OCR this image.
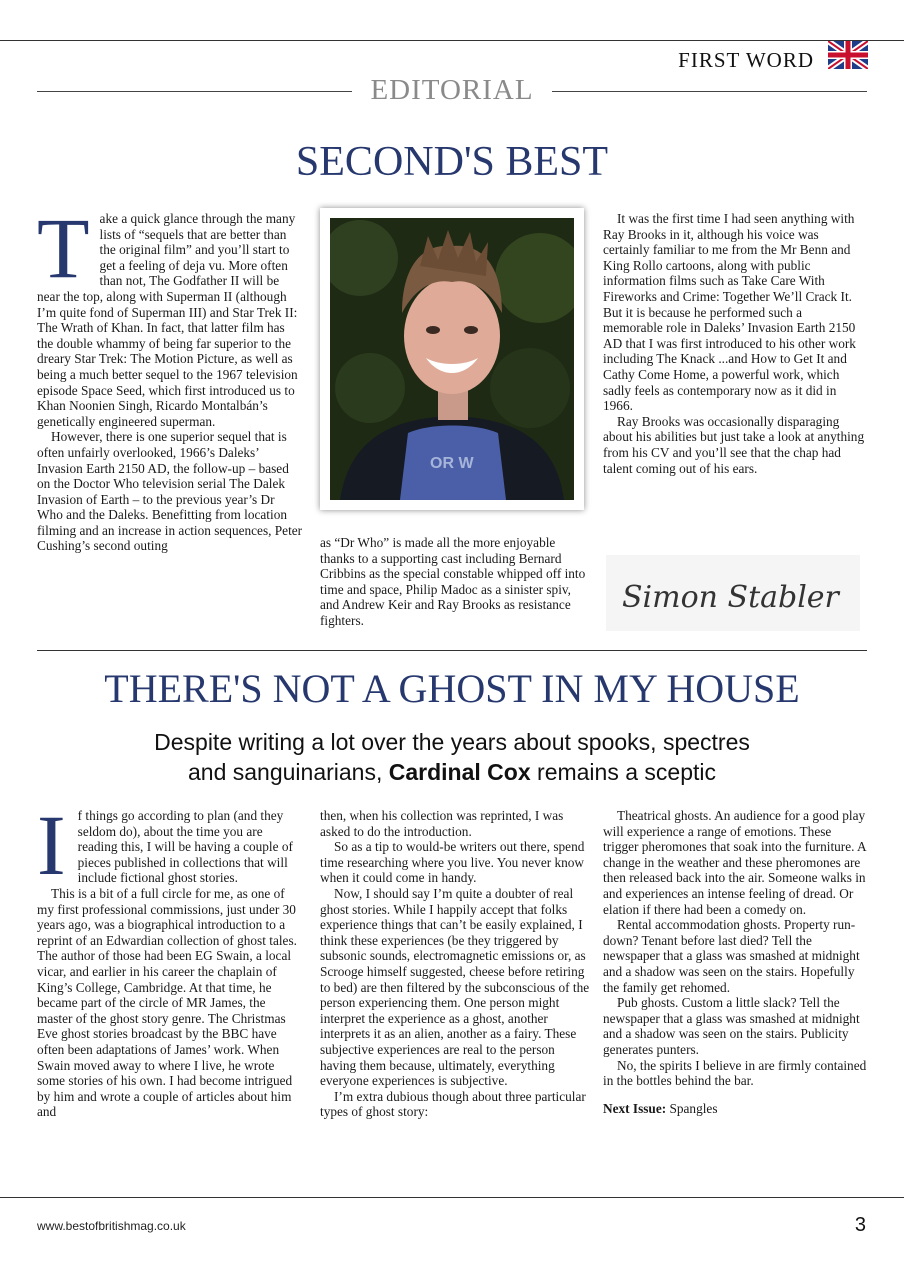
FIRST WORD
EDITORIAL
SECOND'S BEST
T ake a quick glance through the many lists of “sequels that are better than the original film” and you’ll start to get a feeling of deja vu. More often than not, The Godfather II will be near the top, along with Superman II (although I’m quite fond of Superman III) and Star Trek II: The Wrath of Khan. In fact, that latter film has the double whammy of being far superior to the dreary Star Trek: The Motion Picture, as well as being a much better sequel to the 1967 television episode Space Seed, which first introduced us to Khan Noonien Singh, Ricardo Montalbán’s genetically engineered superman.

However, there is one superior sequel that is often unfairly overlooked, 1966’s Daleks’ Invasion Earth 2150 AD, the follow-up – based on the Doctor Who television serial The Dalek Invasion of Earth – to the previous year’s Dr Who and the Daleks. Benefitting from location filming and an increase in action sequences, Peter Cushing’s second outing

OR W

as “Dr Who” is made all the more enjoyable thanks to a supporting cast including Bernard Cribbins as the special constable whipped off into time and space, Philip Madoc as a sinister spiv, and Andrew Keir and Ray Brooks as resistance fighters.

It was the first time I had seen anything with Ray Brooks in it, although his voice was certainly familiar to me from the Mr Benn and King Rollo cartoons, along with public information films such as Take Care With Fireworks and Crime: Together We’ll Crack It. But it is because he performed such a memorable role in Daleks’ Invasion Earth 2150 AD that I was first introduced to his other work including The Knack ...and How to Get It and Cathy Come Home, a powerful work, which sadly feels as contemporary now as it did in 1966.

Ray Brooks was occasionally disparaging about his abilities but just take a look at anything from his CV and you’ll see that the chap had talent coming out of his ears.

Simon Stabler
THERE'S NOT A GHOST IN MY HOUSE
Despite writing a lot over the years about spooks, spectres
and sanguinarians, Cardinal Cox remains a sceptic
I f things go according to plan (and they seldom do), about the time you are reading this, I will be having a couple of pieces published in collections that will include fictional ghost stories.

This is a bit of a full circle for me, as one of my first professional commissions, just under 30 years ago, was a biographical introduction to a reprint of an Edwardian collection of ghost tales. The author of those had been EG Swain, a local vicar, and earlier in his career the chaplain of King’s College, Cambridge. At that time, he became part of the circle of MR James, the master of the ghost story genre. The Christmas Eve ghost stories broadcast by the BBC have often been adaptations of James’ work. When Swain moved away to where I live, he wrote some stories of his own. I had become intrigued by him and wrote a couple of articles about him and

then, when his collection was reprinted, I was asked to do the introduction.

So as a tip to would-be writers out there, spend time researching where you live. You never know when it could come in handy.

Now, I should say I’m quite a doubter of real ghost stories. While I happily accept that folks experience things that can’t be easily explained, I think these experiences (be they triggered by subsonic sounds, electromagnetic emissions or, as Scrooge himself suggested, cheese before retiring to bed) are then filtered by the subconscious of the person experiencing them. One person might interpret the experience as a ghost, another interprets it as an alien, another as a fairy. These subjective experiences are real to the person having them because, ultimately, everything everyone experiences is subjective.

I’m extra dubious though about three particular types of ghost story:

Theatrical ghosts. An audience for a good play will experience a range of emotions. These trigger pheromones that soak into the furniture. A change in the weather and these pheromones are then released back into the air. Someone walks in and experiences an intense feeling of dread. Or elation if there had been a comedy on.

Rental accommodation ghosts. Property run-down? Tenant before last died? Tell the newspaper that a glass was smashed at midnight and a shadow was seen on the stairs. Hopefully the family get rehomed.

Pub ghosts. Custom a little slack? Tell the newspaper that a glass was smashed at midnight and a shadow was seen on the stairs. Publicity generates punters.

No, the spirits I believe in are firmly contained in the bottles behind the bar.

Next Issue: Spangles

www.bestofbritishmag.co.uk	3
